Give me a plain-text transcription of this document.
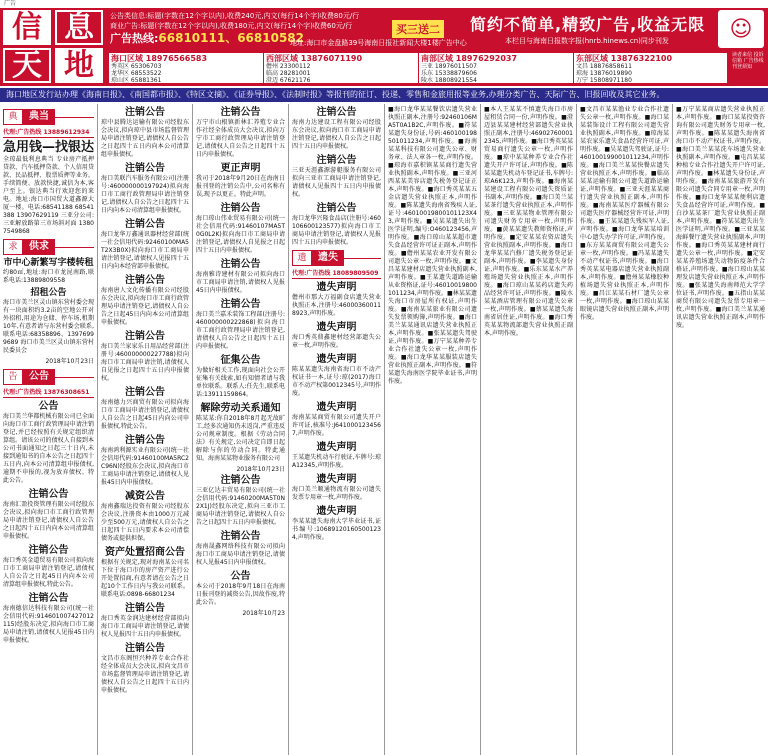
广告
信 息
天 地
公告类信息:标题(字数在12个字以内),收费240元,内文(每行14个字)收费80元/行
商业广告:标题(字数在12个字以内),收费180元,内文(每行14个字)收费60元/行
广告热线:66810111、66810582
买三送二
地址:海口市金盘路39号海南日报社新闻大楼1楼广告中心
简约不简单,精致广告,收益无限
本栏目与海南日报数字报(hnrb.hinews.cn)同步刊发	☺
海口区域 18976566583
秀英区 65306703
龙华区 68553522
琼山区 65881361
西部区域 13876071190
儋州 23300112
临高 28281001
澄迈 67621176
南部区域 18976292037
三亚 18976011507
乐东 15338879606
陵水 18808921554
东部区域 13876322100
文昌 18876858611
琼海 13876019890
万宁 15808971180
读者来信 投诉信箱 广告热线 刊登须知
海口地区发行站办理《海南日报》、《南国都市报》、《特区文摘》、《证券导报》、《法制时报》等报刊的征订、投递、零售和金旅用报等业务,办理分类广告、天际广告、旧报回收及其它业务。
典	典当
代理:广告热线 13889612934
急用钱—找银达
全琼最低利息典当 专业房产抵押贷款、汽车抵押贷款、个人信用贷款、民品抵押、股票质押等业务。手续简便、放款快捷,诚信为本,客户至上。银达典当行欢迎您的来电。地址:海口市国贸大道鑫源大厦一楼。电话:68541188 68541388 13907629119 三亚分公司:三亚解放路第三市场斜对面 13807549868
求	供求
市中心新繁写字楼转租
约80㎡,地址:海口市龙昆南路,联系电话:13889809558
招租公告
海口市美兰区灵山镇东营村委会现有一块面积约3.2亩的空地公开对外招租,用途为仓储、停车场,租期10年,有意者请与东营村委会联系,联系电话:68358896、13976999689 海口市美兰区灵山镇东营村民委员会
2018年10月23日
告	公告
代理:广告热线 13876308651
公告

海口美兰华都机械有限公司已全面向海口市工商行政管理局申请注销登记,并已经按照有关规定组织清算组。请该公司的债权人自接到本公司书面通知之日起三十日内,未接到通知书的自本公告之日起四十五日内,向本公司清算组申报债权,逾期不申报的,视为放弃债权。特此公告。

注销公告

海南汇盈投资管理有限公司经股东会决议,拟向海口市工商行政管理局申请注销登记,请债权人自公告之日起四十五日内向本公司清算组申报债权。

注销公告

海口秀英金道贸易有限公司拟向海口市工商局申请注销登记,请债权人自公告之日起45日内向本公司清算组申报债权,特此公告。

注销公告

海南德信达科技有限公司(统一社会信用代码:914601007427012115)经股东决定,拟向海口市工商局申请注销,请债权人见报45日内申报债权。

注销公告

琼中县腾达运输有限公司经股东会决议,拟向琼中县市场监督管理局申请注销登记,请债权人自公告之日起四十五日内向本公司清算组申报债权。

注销公告

海口美联汽车服务有限公司(注册号:460000000197924)拟向海口市工商行政管理局申请注销登记,请债权人自公告之日起四十五日内向本公司清算组申报债权。

注销公告

海口龙华万鑫通讯器材经营部(统一社会信用代码:92460100MA5T2X3B0X)拟向海口市工商局申请注销登记,请债权人见报四十五日内向本经营部申报债权。

注销公告

海南唐人文化传播有限公司经股东会决议,拟向海口市工商行政管理局申请注销登记,请债权人自公告之日起45日内向本公司清算组申报债权。

注销公告

海口美兰家家乐日用品经营部(注册号:460000000227788)拟向海口市工商局申请注销,请债权人自见报之日起四十五日内申报债权。

注销公告

海南德力兴商贸有限公司拟向海口市工商局申请注销登记,请债权人自公告之日起45日内向公司申报债权,特此公告。

注销公告

海南鸿利源实业有限公司(统一社会信用代码:91460100MA5RC2C96N)经股东会决议,拟向海口市工商局申请注销登记,请债权人见报45日内申报债权。

减资公告

海南鑫瑞达投资有限公司经股东会决议,注册资本由1000万元减少至500万元,请债权人自公告之日起四十五日内要求本公司清偿债务或提供担保。

资产处置招商公告

根据有关规定,现对海南某公司名下位于海口市的房产资产进行公开处置招商,有意者请在公告之日起10个工作日内与我公司联系。联系电话:0898-66801234

注销公告

海口秀英金润达建材经营部拟向海口市工商局申请注销登记,请债权人见报四十五日内申报债权。

注销公告

文昌市东阁恒兴种养专业合作社经全体成员大会决议,拟向文昌市市场监督管理局申请注销登记,请债权人自公告之日起四十五日内申报债权。

注销公告

万宁市山根镇新林汇养殖专业合作社经全体成员大会决议,拟向万宁市工商行政管理局申请注销登记,请债权人自公告之日起四十五日内申报债权。

更正声明

我司于2018年9月20日在海南日报刊登的注销公告中,公司名称有误,现予以更正。特此声明。

注销公告

海口琼山伟业贸易有限公司(统一社会信用代码:91460107MA5T0G0L2K)拟向海口市工商局申请注销登记,请债权人自见报之日起四十五日内申报债权。

注销公告

海南雅诗建材有限公司拟向海口市工商局申请注销,请债权人见报45日内申报债权。

注销公告

海口美兰嘉禾装饰工程部(注册号:460000000222868)拟向海口市工商行政管理局申请注销登记,请债权人自公告之日起四十五日内申报债权。

征集公告

为做好相关工作,现面向社会公开征集有关线索,如有知情者请与我单位联系。联系人:任先生,联系电话:13911159864。

解除劳动关系通知

陈某某:你自2018年8月起无故旷工,经多次通知仍未返岗,严重违反公司规章制度。根据《劳动合同法》有关规定,公司决定自即日起解除与你的劳动合同。特此通知。海南某某物业服务有限公司

2018年10月23日
注销公告

三亚亿达丰贸易有限公司(统一社会信用代码:91460200MA5T0N2X1J)经股东决定,拟向三亚市工商局申请注销登记,请债权人自公告之日起四十五日内申报债权。

注销公告

海南晟鑫网络科技有限公司拟向海口市工商局申请注销登记,请债权人见报45日内申报债权。

公告

本公司于2018年9月18日在海南日报刊登的减资公告,因故作废,特此公告。

2018年10月23
注销公告

海南力达建设工程有限公司经股东会决议,拟向海口市工商局申请注销登记,请债权人自公告之日起四十五日内申报债权。

注销公告

三亚天涯鑫源游艇服务有限公司拟向三亚市工商局申请注销登记,请债权人见报四十五日内申报债权。

注销公告

海口龙华兴隆食品店(注册号:460106600123577)拟向海口市工商局申请注销登记,请债权人见报四十五日内申报债权。

遗	遗失
代理:广告热线 18089809509
遗失声明

儋州市那大万福副食店遗失营业执照正本,注册号:460003600118923,声明作废。

遗失声明

海口秀英鼎鑫建材经营部遗失公章一枚,声明作废。

遗失声明

陈某某遗失海南省海口市不动产权证书一本,证号:琼(2017)海口市不动产权第0012345号,声明作废。

遗失声明

海南某某商贸有限公司遗失开户许可证,核准号:J6410001234567,声明作废。

遗失声明

王某遗失机动车行驶证,车牌号:琼A12345,声明作废。

遗失声明

海口美兰顺通物流有限公司遗失发票专用章一枚,声明作废。

遗失声明

李某某遗失海南大学毕业证书,证书编号:106891201605001234,声明作废。

■海口龙华某某餐饮店遗失营业执照正副本,注册号:92460106MA5T0A1B2C,声明作废。■符某某遗失身份证,号码:460100198501011234,声明作废。■海南某某科技有限公司遗失公章、财务章、法人章各一枚,声明作废。■琼海市嘉积镇某某商行遗失营业执照副本,声明作废。■三亚河西某某美容店遗失税务登记证正本,声明作废。■海口秀英某某五金店遗失营业执照正本,声明作废。■陈某遗失海南省残疾人证,证号:46010019800101123X43,声明作废。■吴某某遗失出生医学证明,编号:O460123456,声明作废。■海口琼山某某超市遗失食品经营许可证正副本,声明作废。■儋州某某农业开发有限公司遗失公章一枚,声明作废。■文昌某某建材店遗失营业执照副本,声明作废。■王某遗失道路运输从业资格证,证号:460100198001011234,声明作废。■林某某遗失海口市房屋所有权证,声明作废。■海南某某旅业有限公司遗失发票领购簿,声明作废。■海口美兰某某通讯店遗失营业执照正本,声明作废。■张某某遗失驾驶证,声明作废。■万宁某某种养专业合作社遗失公章一枚,声明作废。■海口龙华某某服装店遗失营业执照正副本,声明作废。■符某遗失海南医学院毕业证书,声明作废。
■本人王某某不慎遗失海口市房屋租赁合同一份,声明作废。■澄迈县某某建材经营部遗失营业执照正副本,注册号:469027600012345,声明作废。■海口秀英某某贸易商行遗失公章一枚,声明作废。■琼中某某种养专业合作社遗失开户许可证,声明作废。■陈某某遗失机动车登记证书,车牌号:琼A6K123,声明作废。■海南某某建设工程有限公司遗失资质证书副本,声明作废。■海口美兰某某茶行遗失营业执照正本,声明作废。■三亚某某物业管理有限公司遗失财务专用章一枚,声明作废。■黄某某遗失教师资格证,声明作废。■定安某某农资店遗失营业执照副本,声明作废。■海口龙华某某汽修厂遗失税务登记证副本,声明作废。■李某遗失身份证,声明作废。■乐东某某水产养殖场遗失营业执照正本,声明作废。■海口琼山某某药店遗失药品经营许可证,声明作废。■陵水某某酒店管理有限公司遗失公章一枚,声明作废。■蔡某某遗失海南省居住证,声明作废。■海口秀英某某物流部遗失营业执照正副本,声明作废。
■文昌市某某渔业专业合作社遗失公章一枚,声明作废。■海口某某装饰设计工程有限公司遗失营业执照副本,声明作废。■琼海某某农家乐遗失食品经营许可证,声明作废。■吴某遗失驾驶证,证号:460100199001011234,声明作废。■海口美兰某某快餐店遗失营业执照正本,声明作废。■临高某某运输有限公司遗失道路运输证,声明作废。■三亚天涯某某商行遗失营业执照正副本,声明作废。■海南某某医疗器械有限公司遗失医疗器械经营许可证,声明作废。■王某某遗失残疾军人证,声明作废。■海口龙华某某培训中心遗失办学许可证,声明作废。■东方某某商贸有限公司遗失公章一枚,声明作废。■冯某某遗失不动产权证书,声明作废。■海口秀英某某电器店遗失营业执照副本,声明作废。■儋州某某橡胶种植场遗失营业执照正本,声明作废。■昌江某某石材厂遗失公章一枚,声明作废。■海口琼山某某眼镜店遗失营业执照正副本,声明作废。
■万宁某某商店遗失营业执照正本,声明作废。■海口某某投资咨询有限公司遗失财务专用章一枚,声明作废。■陈某某遗失海南省海口市不动产权证书,声明作废。■海口美兰某某洗车场遗失营业执照副本,声明作废。■屯昌某某种植专业合作社遗失开户许可证,声明作废。■林某遗失身份证,声明作废。■海南某某旅游开发有限公司遗失合同专用章一枚,声明作废。■海口龙华某某便利店遗失食品经营许可证,声明作废。■白沙某某茶厂遗失营业执照正副本,声明作废。■符某某遗失出生医学证明,声明作废。■三亚某某海鲜餐厅遗失营业执照副本,声明作废。■海口秀英某某建材商行遗失公章一枚,声明作废。■定安某某养殖场遗失动物防疫条件合格证,声明作废。■海口琼山某某理发店遗失营业执照正本,声明作废。■张某遗失海南师范大学学位证书,声明作废。■五指山某某商贸有限公司遗失发票专用章一枚,声明作废。■海口美兰某某通讯店遗失营业执照正副本,声明作废。
